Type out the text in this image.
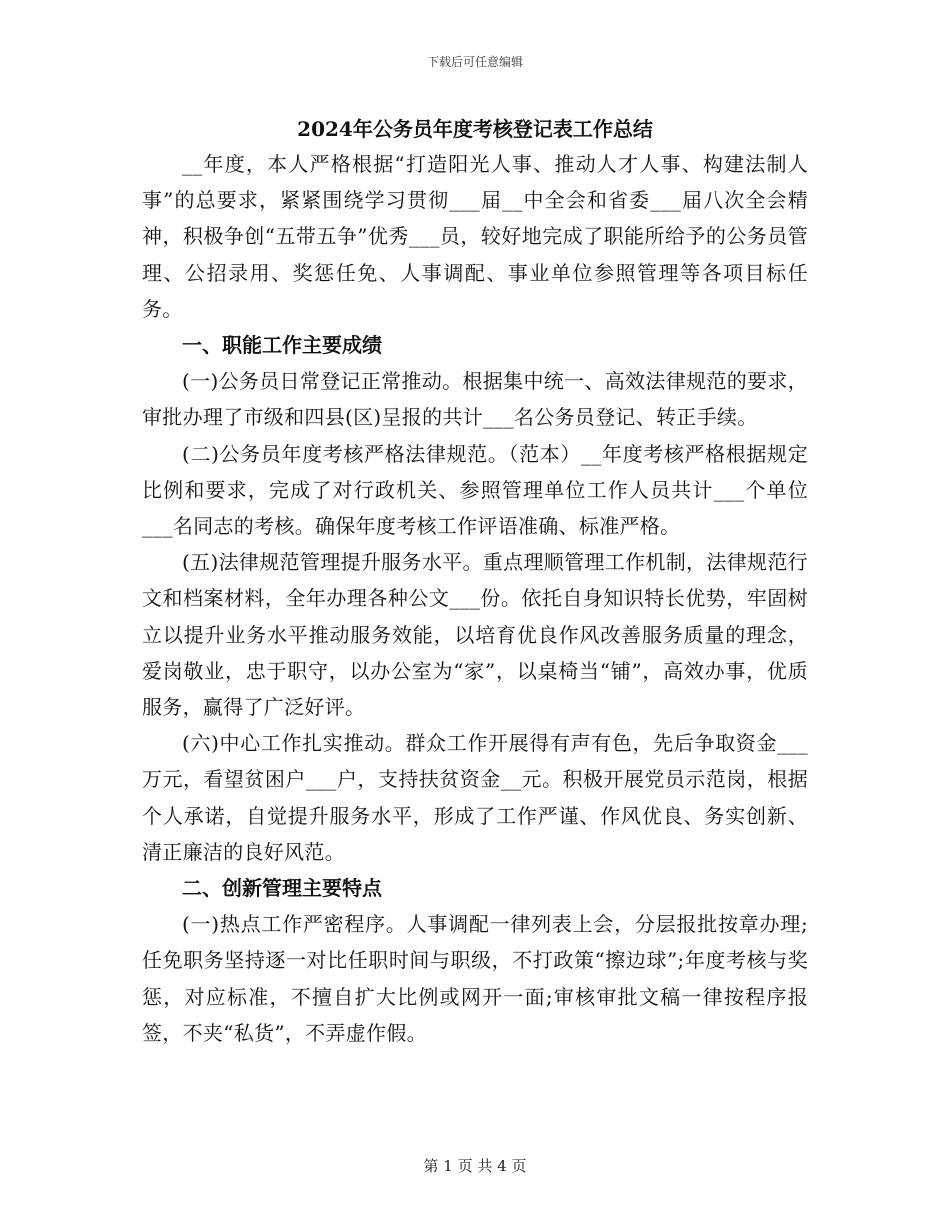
下载后可任意编辑
2024年公务员年度考核登记表工作总结

__年度，本人严格根据“打造阳光人事、推动人才人事、构建法制人事”的总要求，紧紧围绕学习贯彻___届__中全会和省委___届八次全会精神，积极争创“五带五争”优秀___员，较好地完成了职能所给予的公务员管理、公招录用、奖惩任免、人事调配、事业单位参照管理等各项目标任务。

一、职能工作主要成绩

(一)公务员日常登记正常推动。根据集中统一、高效法律规范的要求，审批办理了市级和四县(区)呈报的共计___名公务员登记、转正手续。

(二)公务员年度考核严格法律规范。（范本）__年度考核严格根据规定比例和要求，完成了对行政机关、参照管理单位工作人员共计___个单位___名同志的考核。确保年度考核工作评语准确、标准严格。

(五)法律规范管理提升服务水平。重点理顺管理工作机制，法律规范行文和档案材料，全年办理各种公文___份。依托自身知识特长优势，牢固树立以提升业务水平推动服务效能，以培育优良作风改善服务质量的理念，爱岗敬业，忠于职守，以办公室为“家”，以桌椅当“铺”，高效办事，优质服务，赢得了广泛好评。

(六)中心工作扎实推动。群众工作开展得有声有色，先后争取资金___万元，看望贫困户___户，支持扶贫资金__元。积极开展党员示范岗，根据个人承诺，自觉提升服务水平，形成了工作严谨、作风优良、务实创新、清正廉洁的良好风范。

二、创新管理主要特点

(一)热点工作严密程序。人事调配一律列表上会，分层报批按章办理;任免职务坚持逐一对比任职时间与职级，不打政策“擦边球”;年度考核与奖惩，对应标准，不擅自扩大比例或网开一面;审核审批文稿一律按程序报签，不夹“私货”，不弄虚作假。

第 1 页 共 4 页
